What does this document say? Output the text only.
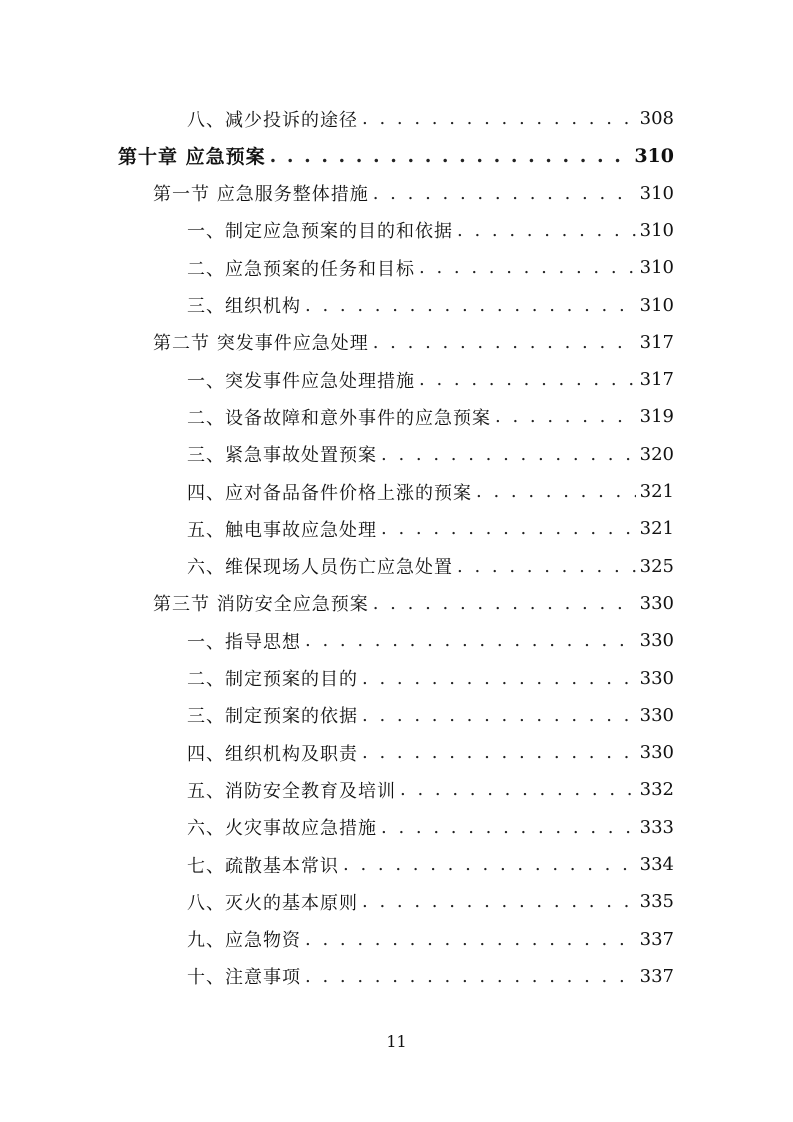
八、减少投诉的途径 . . .	308
第十章 应急预案 . . .	310
第一节 应急服务整体措施 . . .	310
一、制定应急预案的目的和依据 . . .	310
二、应急预案的任务和目标 . . .	310
三、组织机构 . . .	310
第二节 突发事件应急处理 . . .	317
一、突发事件应急处理措施 . . .	317
二、设备故障和意外事件的应急预案 . . .	319
三、紧急事故处置预案 . . .	320
四、应对备品备件价格上涨的预案 . . .	321
五、触电事故应急处理 . . .	321
六、维保现场人员伤亡应急处置 . . .	325
第三节 消防安全应急预案 . . .	330
一、指导思想 . . .	330
二、制定预案的目的 . . .	330
三、制定预案的依据 . . .	330
四、组织机构及职责 . . .	330
五、消防安全教育及培训 . . .	332
六、火灾事故应急措施 . . .	333
七、疏散基本常识 . . .	334
八、灭火的基本原则 . . .	335
九、应急物资 . . .	337
十、注意事项 . . .	337
11
